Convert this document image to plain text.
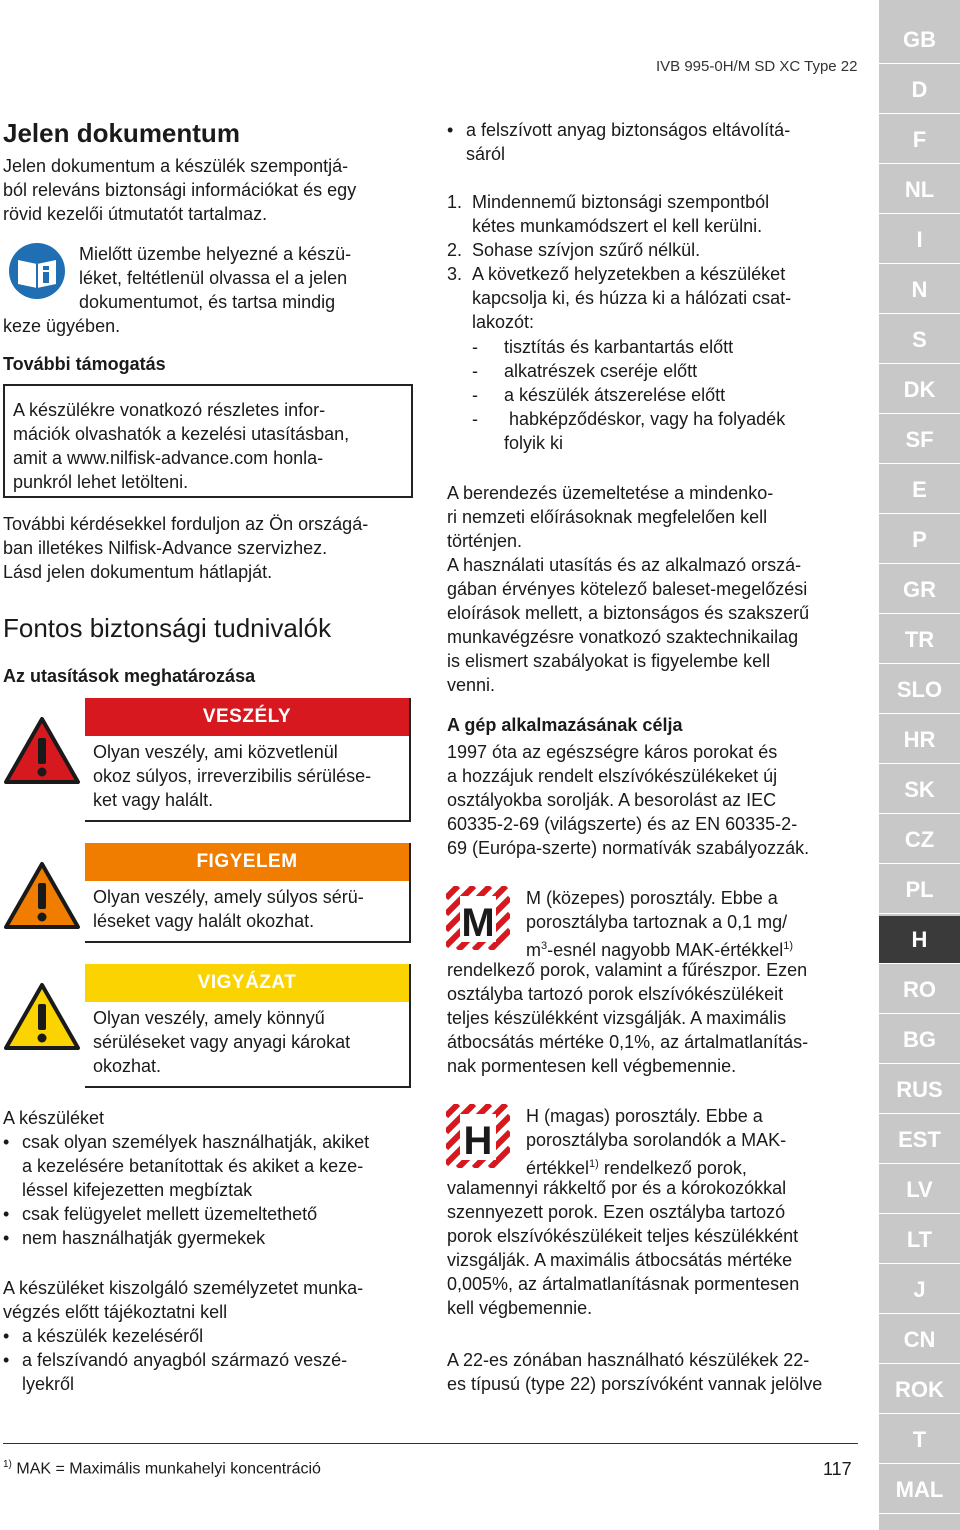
IVB 995-0H/M SD XC Type 22
Jelen dokumentum
Jelen dokumentum a készülék szempontjá-
ból releváns biztonsági információkat és egy
rövid kezelői útmutatót tartalmaz.
Mielőtt üzembe helyezné a készü-
léket, feltétlenül olvassa el a jelen
dokumentumot, és tartsa mindig
keze ügyében.
További támogatás
A készülékre vonatkozó részletes infor-
mációk olvashatók a kezelési utasításban,
amit a www.nilfisk-advance.com honla-
punkról lehet letölteni.
További kérdésekkel forduljon az Ön országá-
ban illetékes Nilfisk-Advance szervizhez.
Lásd jelen dokumentum hátlapját.
Fontos biztonsági tudnivalók
Az utasítások meghatározása
VESZÉLY
Olyan veszély, ami közvetlenül
okoz súlyos, irreverzibilis sérülése-
ket vagy halált.
FIGYELEM
Olyan veszély, amely súlyos sérü-
léseket vagy halált okozhat.
VIGYÁZAT
Olyan veszély, amely könnyű
sérüléseket vagy anyagi károkat
okozhat.
A készüléket
• csak olyan személyek használhatják, akiket
a kezelésére betanítottak és akiket a keze-
léssel kifejezetten megbíztak
• csak felügyelet mellett üzemeltethető
• nem használhatják gyermekek
A készüléket kiszolgáló személyzetet munka-
végzés előtt tájékoztatni kell
• a készülék kezeléséről
• a felszívandó anyagból származó veszé-
lyekről
$^{1)}$ MAK = Maximális munkahelyi koncentráció	117
• a felszívott anyag biztonságos eltávolítá-
sáról
1. Mindennemű biztonsági szempontból
kétes munkamódszert el kell kerülni.
2. Sohase szívjon szűrő nélkül.
3. A következő helyzetekben a készüléket
kapcsolja ki, és húzza ki a hálózati csat-
lakozót:
- tisztítás és karbantartás előtt
- alkatrészek cseréje előtt
- a készülék átszerelése előtt
- habképződéskor, vagy ha folyadék
folyik ki
A berendezés üzemeltetése a mindenko-
ri nemzeti előírásoknak megfelelően kell
történjen.
A használati utasítás és az alkalmazó orszá-
gában érvényes kötelező baleset-megelőzési
eloírások mellett, a biztonságos és szakszerű
munkavégzésre vonatkozó szaktechnikailag
is elismert szabályokat is figyelembe kell
venni.
A gép alkalmazásának célja
1997 óta az egészségre káros porokat és
a hozzájuk rendelt elszívókészülékeket új
osztályokba sorolják. A besorolást az IEC
60335-2-69 (világszerte) és az EN 60335-2-
69 (Európa-szerte) normatívák szabályozzák.
M
M (közepes) porosztály. Ebbe a
porosztályba tartoznak a 0,1 mg/
$m^3$-esnél nagyobb MAK-értékkel$^{1)}$
rendelkező porok, valamint a fűrészpor. Ezen
osztályba tartozó porok elszívókészülékeit
teljes készülékként vizsgálják. A maximális
átbocsátás mértéke 0,1%, az ártalmatlanítás-
nak pormentesen kell végbemennie.
H
H (magas) porosztály. Ebbe a
porosztályba sorolandók a MAK-
értékkel$^{1)}$ rendelkező porok,
valamennyi rákkeltő por és a kórokozókkal
szennyezett porok. Ezen osztályba tartozó
porok elszívókészülékeit teljes készülékként
vizsgálják. A maximális átbocsátás mértéke
0,005%, az ártalmatlanításnak pormentesen
kell végbemennie.
A 22-es zónában használható készülékek 22-
es típusú (type 22) porszívóként vannak jelölve
GB
D
F
NL
I
N
S
DK
SF
E
P
GR
TR
SLO
HR
SK
CZ
PL
H
RO
BG
RUS
EST
LV
LT
J
CN
ROK
T
MAL
